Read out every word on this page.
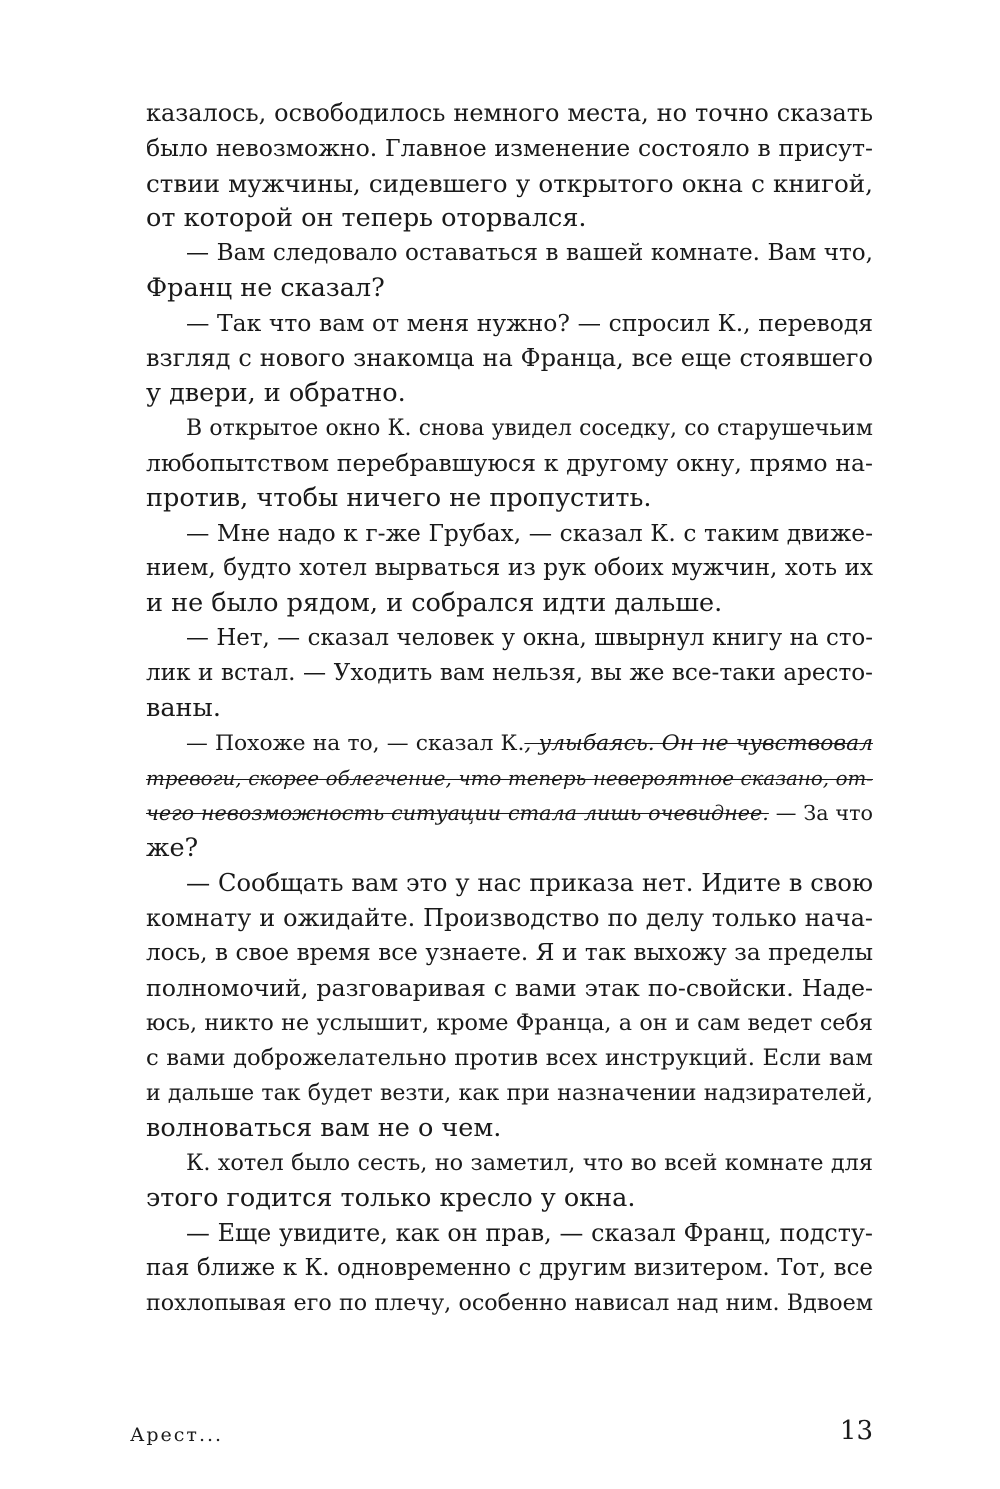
казалось, освободилось немного места, но точно сказать
было невозможно. Главное изменение состояло в присут-
ствии мужчины, сидевшего у открытого окна с книгой,
от которой он теперь оторвался.
— Вам следовало оставаться в вашей комнате. Вам что,
Франц не сказал?
— Так что вам от меня нужно? — спросил К., переводя
взгляд с нового знакомца на Франца, все еще стоявшего
у двери, и обратно.
В открытое окно К. снова увидел соседку, со старушечьим
любопытством перебравшуюся к другому окну, прямо на-
против, чтобы ничего не пропустить.
— Мне надо к г-же Грубах, — сказал К. с таким движе-
нием, будто хотел вырваться из рук обоих мужчин, хоть их
и не было рядом, и собрался идти дальше.
— Нет, — сказал человек у окна, швырнул книгу на сто-
лик и встал. — Уходить вам нельзя, вы же все-таки аресто-
ваны.
— Похоже на то, — сказал К., улыбаясь. Он не чувствовал
тревоги, скорее облегчение, что теперь невероятное сказано, от-
чего невозможность ситуации стала лишь очевиднее. — За что
же?
— Сообщать вам это у нас приказа нет. Идите в свою
комнату и ожидайте. Производство по делу только нача-
лось, в свое время все узнаете. Я и так выхожу за пределы
полномочий, разговаривая с вами этак по-свойски. Наде-
юсь, никто не услышит, кроме Франца, а он и сам ведет себя
с вами доброжелательно против всех инструкций. Если вам
и дальше так будет везти, как при назначении надзирателей,
волноваться вам не о чем.
К. хотел было сесть, но заметил, что во всей комнате для
этого годится только кресло у окна.
— Еще увидите, как он прав, — сказал Франц, подсту-
пая ближе к К. одновременно с другим визитером. Тот, все
похлопывая его по плечу, особенно нависал над ним. Вдвоем
Арест...	13
